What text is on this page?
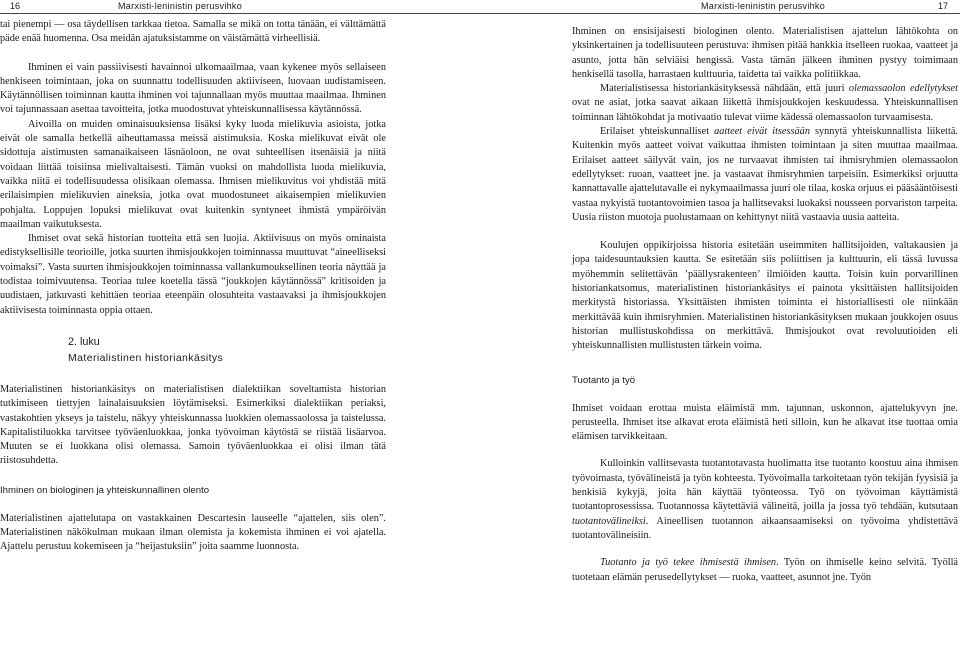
16	Marxisti-leninistin perusvihko

tai pienempi — osa täydellisen tarkkaa tietoa. Samalla se mikä on totta tänään, ei välttämättä päde enää huomenna. Osa meidän ajatuksistamme on väistämättä virheellisiä.

Ihminen ei vain passiivisesti havainnoi ulkomaailmaa, vaan kykenee myös sellaiseen henkiseen toimintaan, joka on suunnattu todellisuuden aktiiviseen, luovaan uudistamiseen. Käytännöllisen toiminnan kautta ihminen voi tajunnallaan myös muuttaa maailmaa. Ihminen voi tajunnassaan asettaa tavoitteita, jotka muodostuvat yhteiskunnallisessa käytännössä.

Aivoilla on muiden ominaisuuksiensa lisäksi kyky luoda mielikuvia asioista, jotka eivät ole samalla hetkellä aiheuttamassa meissä aistimuksia. Koska mielikuvat eivät ole sidottuja aistimusten samanaikaiseen läsnäoloon, ne ovat suhteellisen itsenäisiä ja niitä voidaan liittää toisiinsa mielivaltaisesti. Tämän vuoksi on mahdollista luoda mielikuvia, vaikka niitä ei todellisuudessa olisikaan olemassa. Ihmisen mielikuvitus voi yhdistää mitä erilaisimpien mielikuvien aineksia, jotka ovat muodostuneet aikaisempien mielikuvien pohjalta. Loppujen lopuksi mielikuvat ovat kuitenkin syntyneet ihmistä ympäröivän maailman vaikutuksesta.

Ihmiset ovat sekä historian tuotteita että sen luojia. Aktiivisuus on myös ominaista edistyksellisille teorioille, jotka suurten ihmisjoukkojen toiminnassa muuttuvat “aineelliseksi voimaksi”. Vasta suurten ihmisjoukkojen toiminnassa vallankumouksellinen teoria näyttää ja todistaa toimivuutensa. Teoriaa tulee koetella tässä “joukkojen käytännössä” kritisoiden ja uudistaen, jatkuvasti kehittäen teoriaa eteenpäin olosuhteita vastaavaksi ja ihmisjoukkojen aktiivisesta toiminnasta oppia ottaen.

2. luku
Materialistinen historiankäsitys

Materialistinen historiankäsitys on materialistisen dialektiikan soveltamista historian tutkimiseen tiettyjen lainalaisuuksien löytämiseksi. Esimerkiksi dialektiikan periaksi, vastakohtien ykseys ja taistelu, näkyy yhteiskunnassa luokkien olemassaolossa ja taistelussa. Kapitalistiluokka tarvitsee työväenluokkaa, jonka työvoiman käytöstä se riistää lisäarvoa. Muuten se ei luokkana olisi olemassa. Samoin työväenluokkaa ei olisi ilman tätä riistosuhdetta.

Ihminen on biologinen ja yhteiskunnallinen olento

Materialistinen ajattelutapa on vastakkainen Descartesin lauseelle “ajattelen, siis olen”. Materialistinen näkökulman mukaan ilman olemista ja kokemista ihminen ei voi ajatella. Ajattelu perustuu kokemiseen ja “heijastuksiin” joita saamme luonnosta.

Marxisti-leninistin perusvihko	17

Ihminen on ensisijaisesti biologinen olento. Materialistisen ajattelun lähtökohta on yksinkertainen ja todellisuuteen perustuva: ihmisen pitää hankkia itselleen ruokaa, vaatteet ja asunto, jotta hän selviäisi hengissä. Vasta tämän jälkeen ihminen pystyy toimimaan henkisellä tasolla, harrastaen kulttuuria, taidetta tai vaikka politiikkaa.

Materialistisessa historiankäsityksessä nähdään, että juuri olemassaolon edellytykset ovat ne asiat, jotka saavat aikaan liikettä ihmisjoukkojen keskuudessa. Yhteiskunnallisen toiminnan lähtökohdat ja motivaatio tulevat viime kädessä olemassaolon turvaamisesta.

Erilaiset yhteiskunnalliset aatteet eivät itsessään synnytä yhteiskunnallista liikettä. Kuitenkin myös aatteet voivat vaikuttaa ihmisten toimintaan ja siten muuttaa maailmaa. Erilaiset aatteet säilyvät vain, jos ne turvaavat ihmisten tai ihmisryhmien olemassaolon edellytykset: ruoan, vaatteet jne. ja vastaavat ihmisryhmien tarpeisiin. Esimerkiksi orjuutta kannattavalle ajattelutavalle ei nykymaailmassa juuri ole tilaa, koska orjuus ei pääsääntöisesti vastaa nykyistä tuotantovoimien tasoa ja hallitsevaksi luokaksi nousseen porvariston tarpeita. Uusia riiston muotoja puolustamaan on kehittynyt niitä vastaavia uusia aatteita.

Koulujen oppikirjoissa historia esitetään useimmiten hallitsijoiden, valtakausien ja jopa taidesuuntauksien kautta. Se esitetään siis poliittisen ja kulttuurin, eli tässä luvussa myöhemmin selitettävän ’päällysrakenteen’ ilmiöiden kautta. Toisin kuin porvarillinen historiankatsomus, materialistinen historiankäsitys ei painota yksittäisten hallitsijoiden merkitystä historiassa. Yksittäisten ihmisten toiminta ei historiallisesti ole niinkään merkittävää kuin ihmisryhmien. Materialistinen historiankäsityksen mukaan joukkojen osuus historian mullistuskohdissa on merkittävä. Ihmisjoukot ovat revoluutioiden eli yhteiskunnallisten mullistusten tärkein voima.

Tuotanto ja työ

Ihmiset voidaan erottaa muista eläimistä mm. tajunnan, uskonnon, ajattelukyvyn jne. perusteella. Ihmiset itse alkavat erota eläimistä heti silloin, kun he alkavat itse tuottaa omia elämisen tarvikkeitaan.

Kulloinkin vallitsevasta tuotantotavasta huolimatta itse tuotanto koostuu aina ihmisen työvoimasta, työvälineistä ja työn kohteesta. Työvoimalla tarkoitetaan työn tekijän fyysisiä ja henkisiä kykyjä, joita hän käyttää työnteossa. Työ on työvoiman käyttämistä tuotantoprosessissa. Tuotannossa käytettäviä välineitä, joilla ja jossa työ tehdään, kutsutaan tuotantovälineiksi. Aineellisen tuotannon aikaansaamiseksi on työvoima yhdistettävä tuotantovälineisiin.

Tuotanto ja työ tekee ihmisestä ihmisen. Työn on ihmiselle keino selvitä. Työllä tuotetaan elämän perusedellytykset — ruoka, vaatteet, asunnot jne. Työn
